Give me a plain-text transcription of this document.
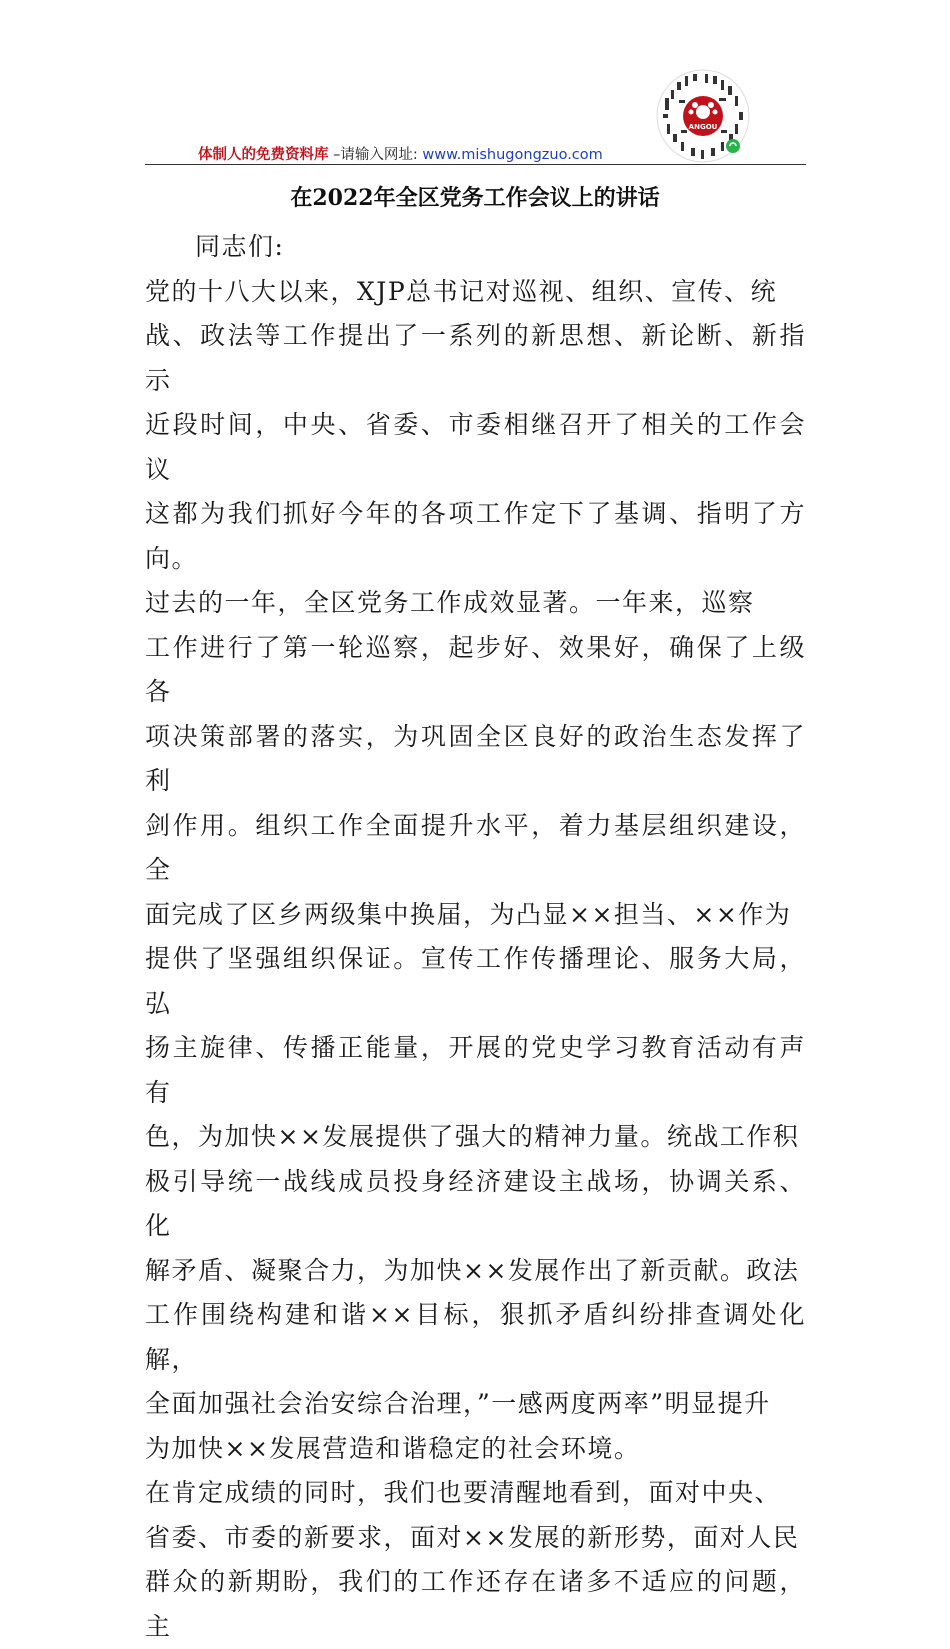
ANGOU
体制人的免费资料库 –请输入网址: www.mishugongzuo.com
在2022年全区党务工作会议上的讲话

同志们:

党的十八大以来，XJP总书记对巡视、组织、宣传、统
战、政法等工作提出了一系列的新思想、新论断、新指示
近段时间，中央、省委、市委相继召开了相关的工作会议
这都为我们抓好今年的各项工作定下了基调、指明了方向。

过去的一年，全区党务工作成效显著。一年来，巡察
工作进行了第一轮巡察，起步好、效果好，确保了上级各
项决策部署的落实，为巩固全区良好的政治生态发挥了利
剑作用。组织工作全面提升水平，着力基层组织建设，全
面完成了区乡两级集中换届，为凸显××担当、××作为
提供了坚强组织保证。宣传工作传播理论、服务大局，弘
扬主旋律、传播正能量，开展的党史学习教育活动有声有
色，为加快××发展提供了强大的精神力量。统战工作积
极引导统一战线成员投身经济建设主战场，协调关系、化
解矛盾、凝聚合力，为加快××发展作出了新贡献。政法
工作围绕构建和谐××目标，狠抓矛盾纠纷排查调处化解，
全面加强社会治安综合治理，”一感两度两率”明显提升
为加快××发展营造和谐稳定的社会环境。

在肯定成绩的同时，我们也要清醒地看到，面对中央、
省委、市委的新要求，面对××发展的新形势，面对人民
群众的新期盼，我们的工作还存在诸多不适应的问题，主
